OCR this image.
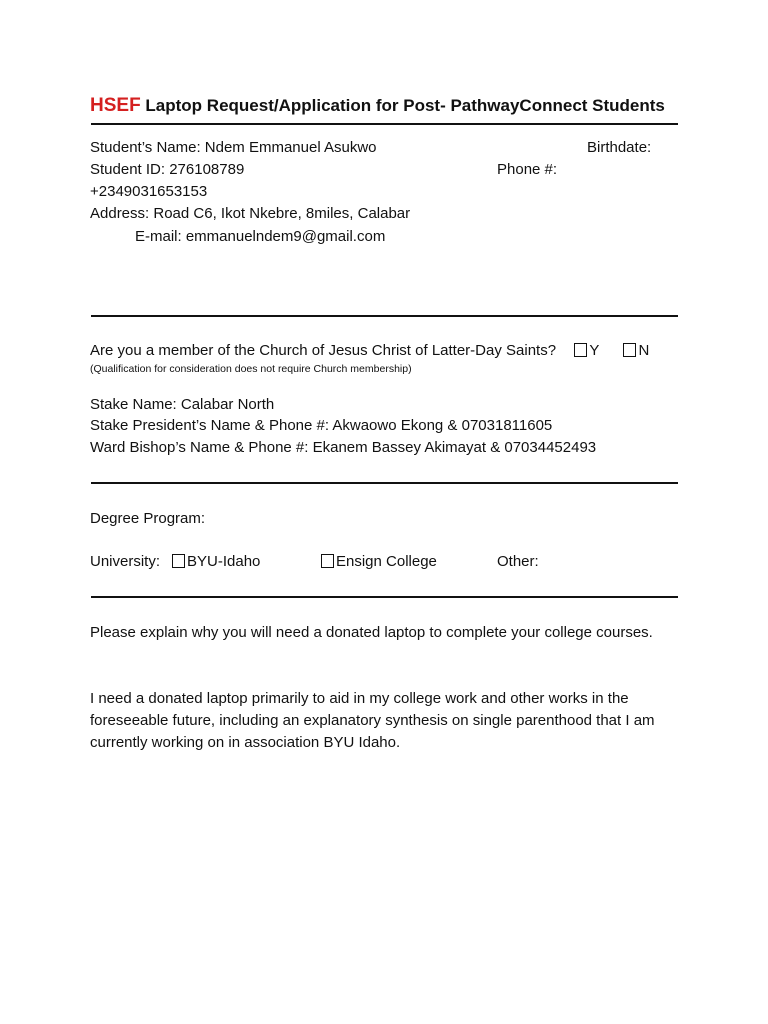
HSEF Laptop Request/Application for Post- PathwayConnect Students
Student’s Name: Ndem Emmanuel Asukwo	Birthdate:
Student ID: 276108789	Phone #:
+2349031653153
Address: Road C6, Ikot Nkebre, 8miles, Calabar
E-mail: emmanuelndem9@gmail.com
Are you a member of the Church of Jesus Christ of Latter-Day Saints? Y	N
(Qualification for consideration does not require Church membership)
Stake Name: Calabar North
Stake President’s Name & Phone #: Akwaowo Ekong & 07031811605
Ward Bishop’s Name & Phone #: Ekanem Bassey Akimayat & 07034452493
Degree Program:
University:	BYU-Idaho	Ensign College	Other:
Please explain why you will need a donated laptop to complete your college courses.
I need a donated laptop primarily to aid in my college work and other works in the foreseeable future, including an explanatory synthesis on single parenthood that I am currently working on in association BYU Idaho.
